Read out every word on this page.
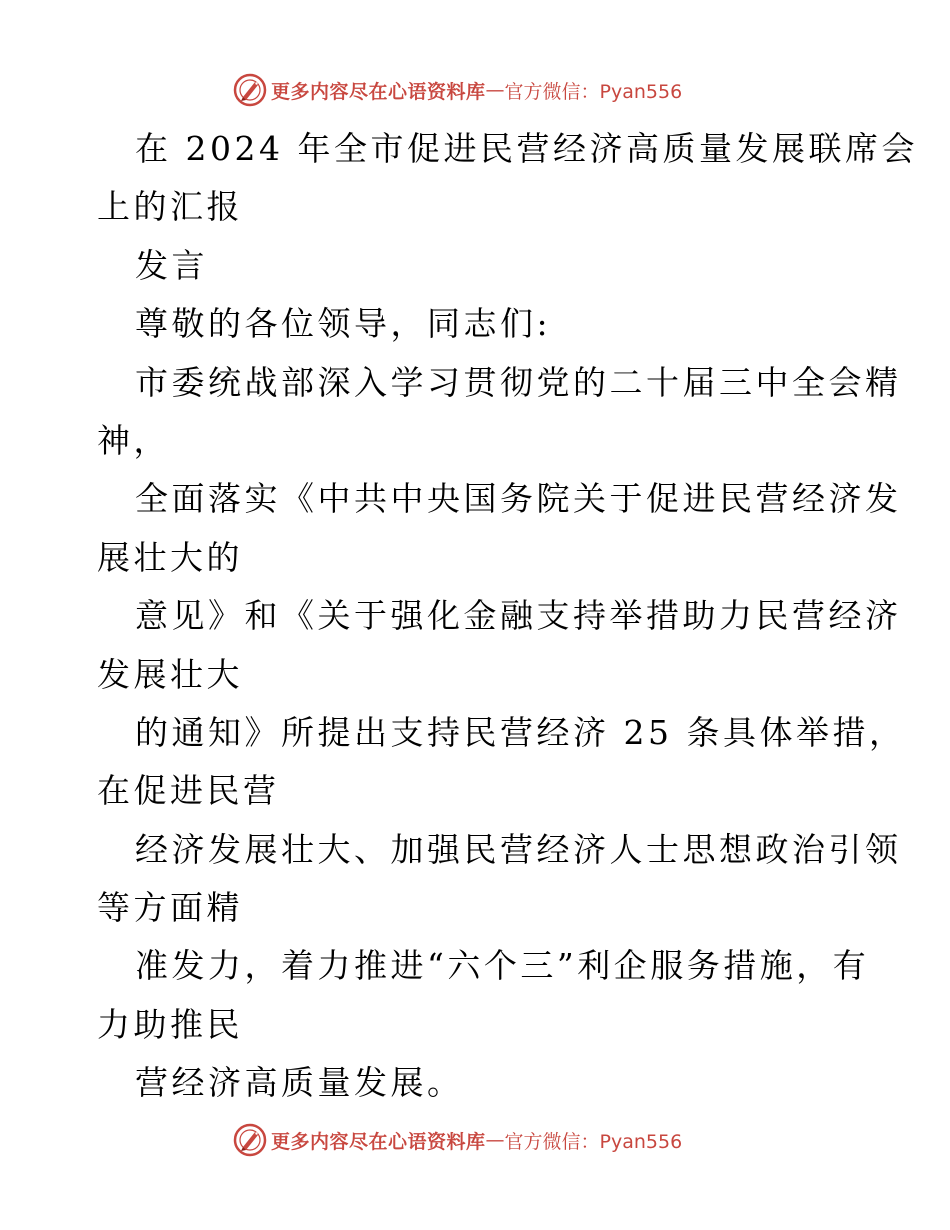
更多内容尽在心语资料库 — 官方微信：Pyan556
在 2024 年全市促进民营经济高质量发展联席会
上的汇报
发言
尊敬的各位领导，同志们:
市委统战部深入学习贯彻党的二十届三中全会精
神，
全面落实《中共中央国务院关于促进民营经济发
展壮大的
意见》和《关于强化金融支持举措助力民营经济
发展壮大
的通知》所提出支持民营经济 25 条具体举措，
在促进民营
经济发展壮大、加强民营经济人士思想政治引领
等方面精
准发力，着力推进“六个三”利企服务措施，有
力助推民
营经济高质量发展。
更多内容尽在心语资料库 — 官方微信：Pyan556
